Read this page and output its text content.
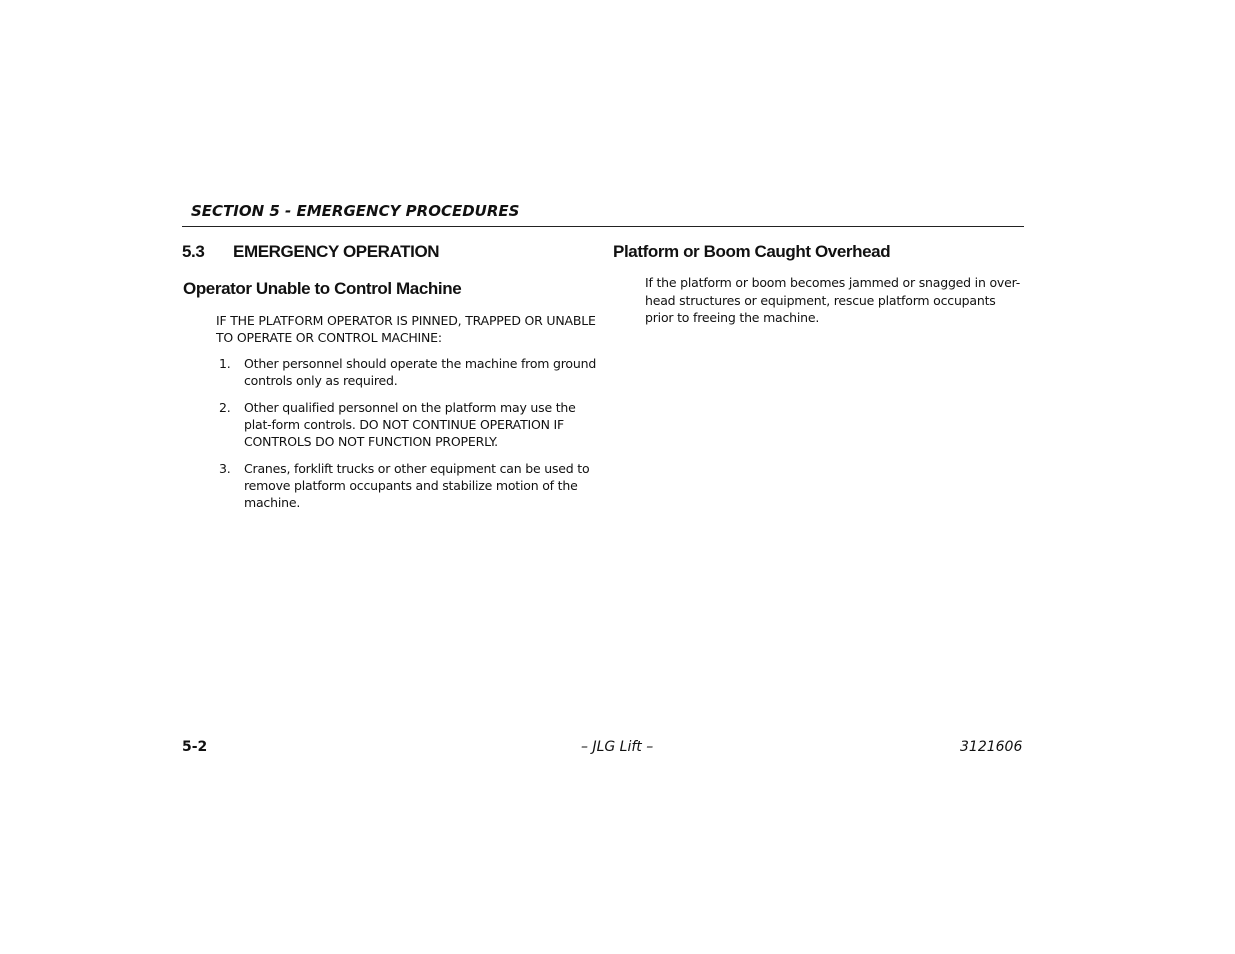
SECTION 5 - EMERGENCY PROCEDURES
5.3 EMERGENCY OPERATION
Operator Unable to Control Machine
IF THE PLATFORM OPERATOR IS PINNED, TRAPPED OR UNABLE TO OPERATE OR CONTROL MACHINE:
1.	Other personnel should operate the machine from ground controls only as required.
2.	Other qualified personnel on the platform may use the plat-form controls. DO NOT CONTINUE OPERATION IF CONTROLS DO NOT FUNCTION PROPERLY.
3.	Cranes, forklift trucks or other equipment can be used to remove platform occupants and stabilize motion of the machine.
Platform or Boom Caught Overhead
If the platform or boom becomes jammed or snagged in over-head structures or equipment, rescue platform occupants prior to freeing the machine.
5-2	– JLG Lift –	3121606
